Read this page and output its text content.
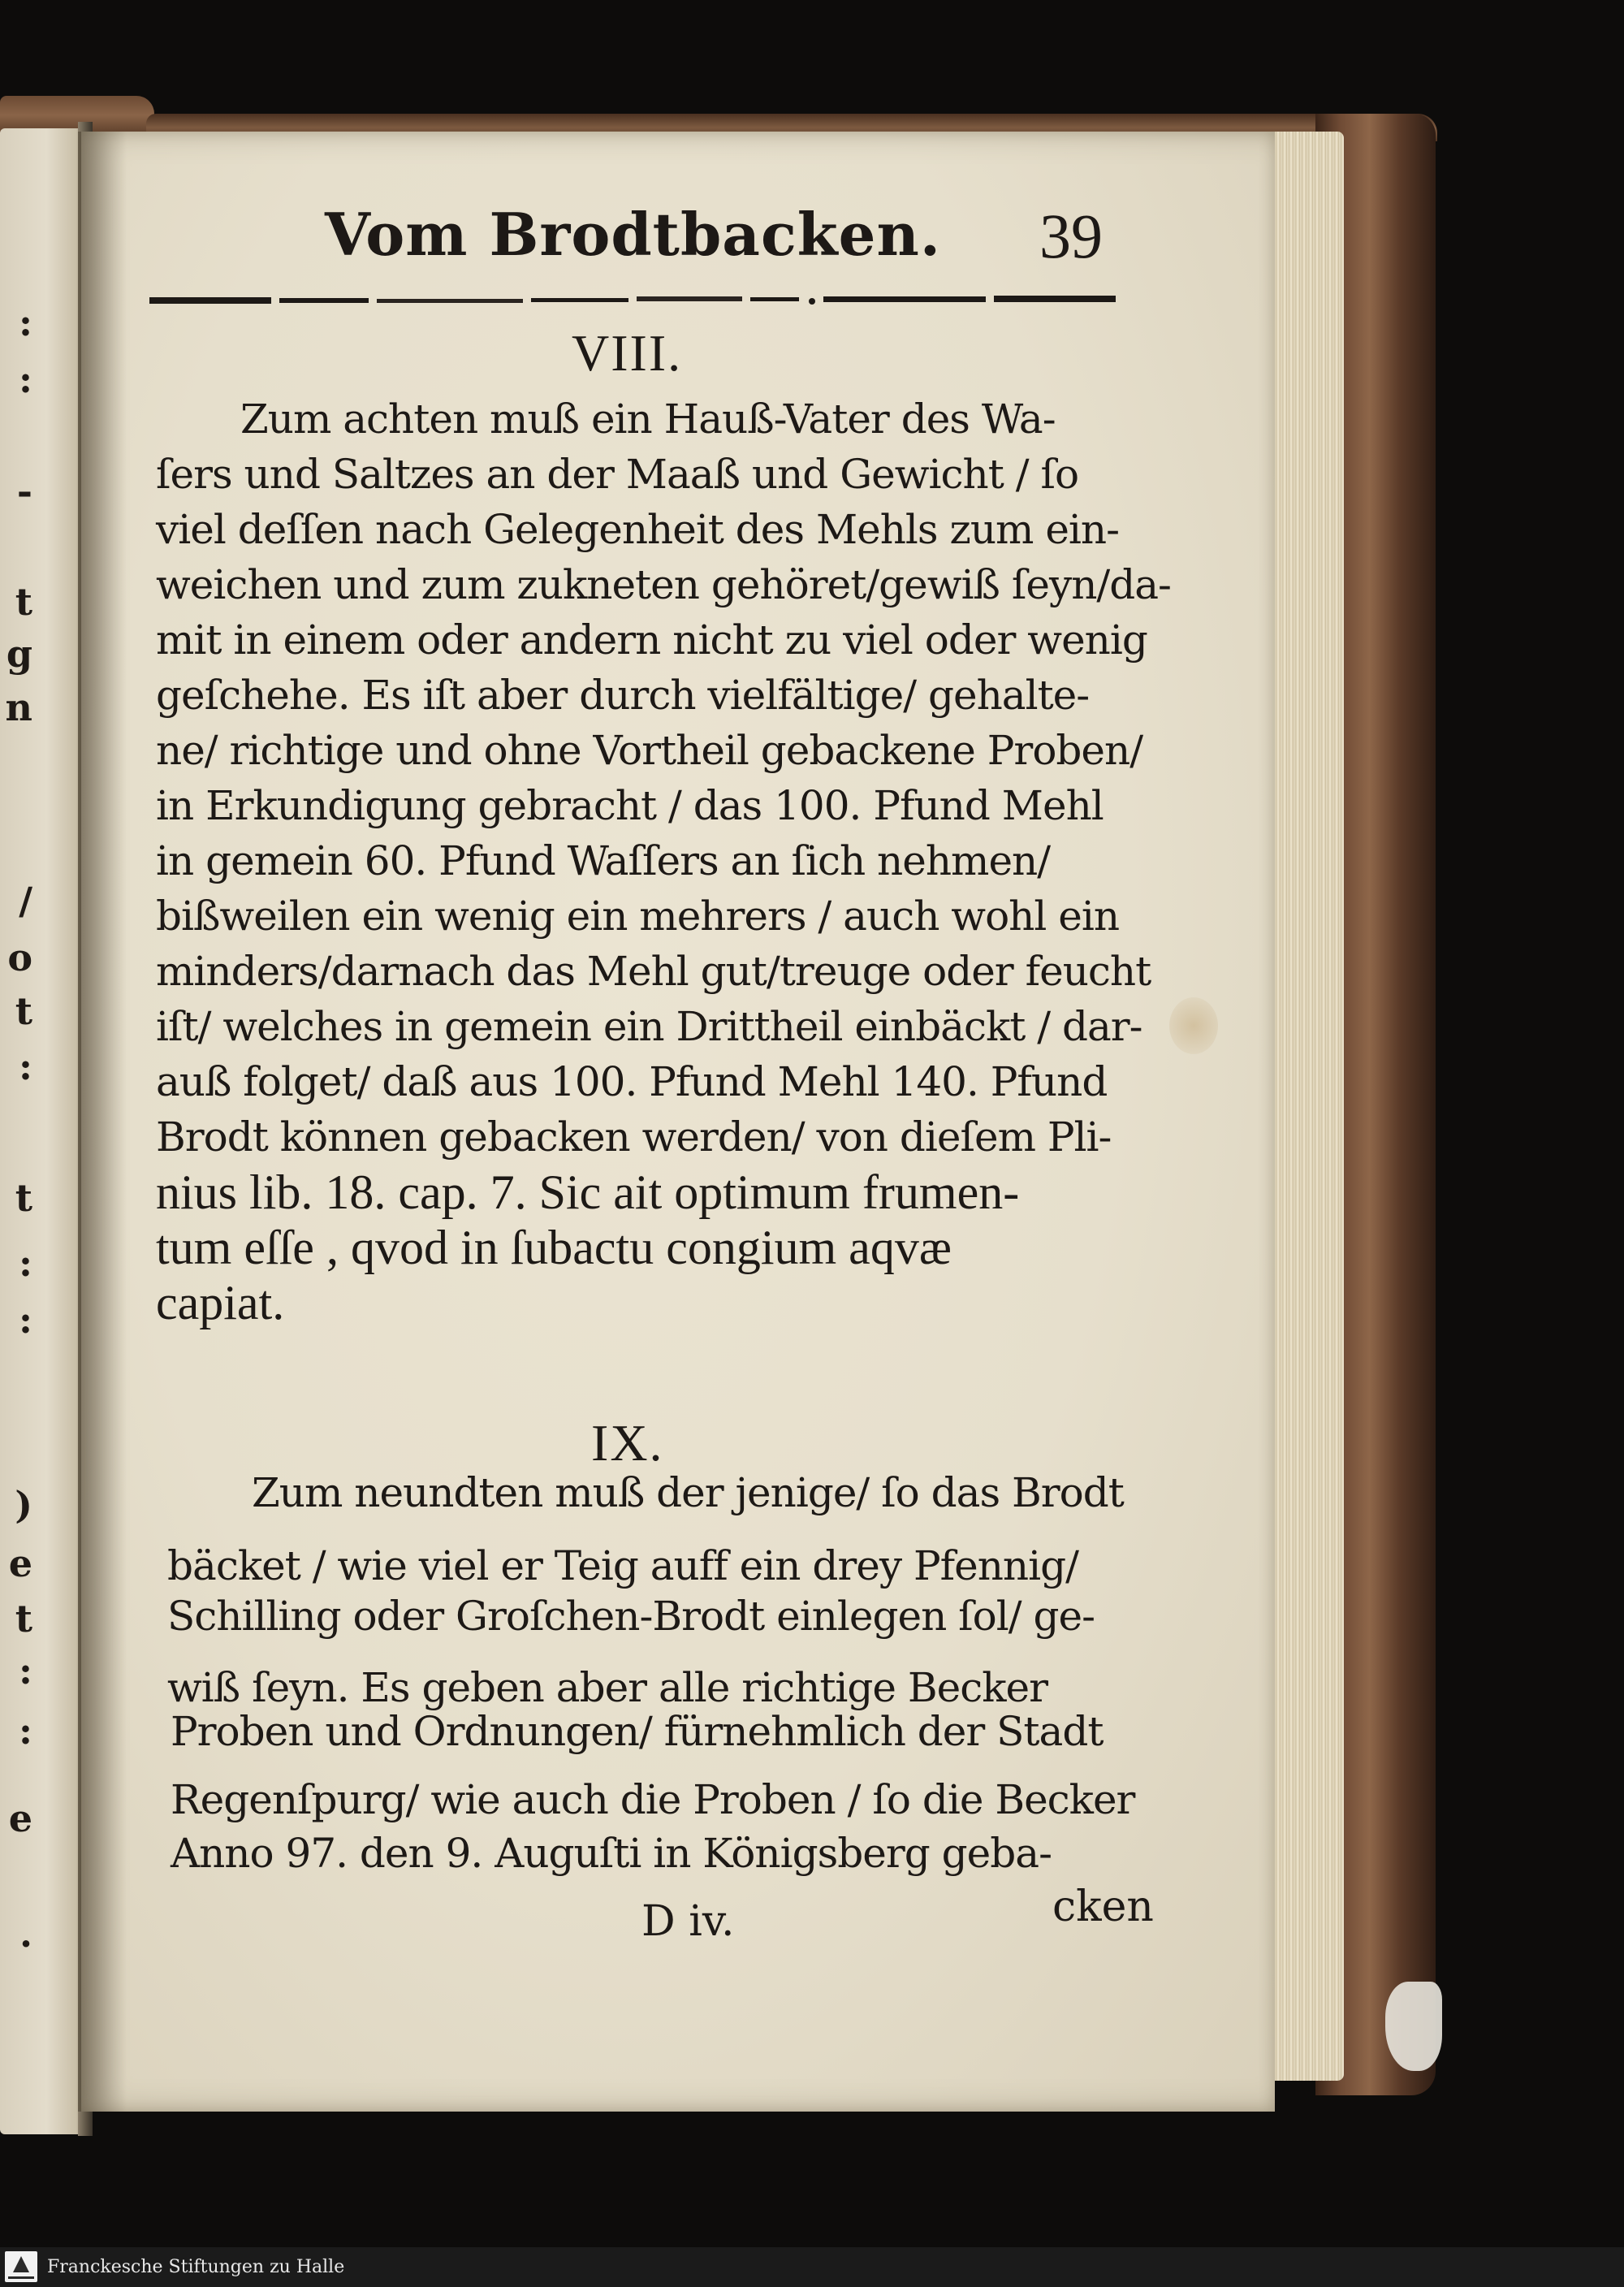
:
:
-
t
g
n
/
o
t
:
t
:
:
)
e
t
:
:
e
.
Vom Brodtbacken. 39
VIII.
Zum achten muß ein Hauß-Vater des Wa-
ſers und Saltzes an der Maaß und Gewicht / ſo
viel deſſen nach Gelegenheit des Mehls zum ein-
weichen und zum zukneten gehöret/gewiß ſeyn/da-
mit in einem oder andern nicht zu viel oder wenig
geſchehe. Es iſt aber durch vielfältige/ gehalte-
ne/ richtige und ohne Vortheil gebackene Proben/
in Erkundigung gebracht / das 100. Pfund Mehl
in gemein 60. Pfund Waſſers an ſich nehmen/
bißweilen ein wenig ein mehrers / auch wohl ein
minders/darnach das Mehl gut/treuge oder feucht
iſt/ welches in gemein ein Drittheil einbäckt / dar-
auß folget/ daß aus 100. Pfund Mehl 140. Pfund
Brodt können gebacken werden/ von dieſem Pli-
nius lib. 18. cap. 7. Sic ait optimum frumen-
tum eſſe , qvod in ſubactu congium aqvæ
capiat.
IX.
Zum neundten muß der jenige/ ſo das Brodt
bäcket / wie viel er Teig auff ein drey Pfennig/
Schilling oder Groſchen-Brodt einlegen ſol/ ge-
wiß ſeyn. Es geben aber alle richtige Becker
Proben und Ordnungen/ fürnehmlich der Stadt
Regenſpurg/ wie auch die Proben / ſo die Becker
Anno 97. den 9. Auguſti in Königsberg geba-
D iv.	cken
Franckesche Stiftungen zu Halle
